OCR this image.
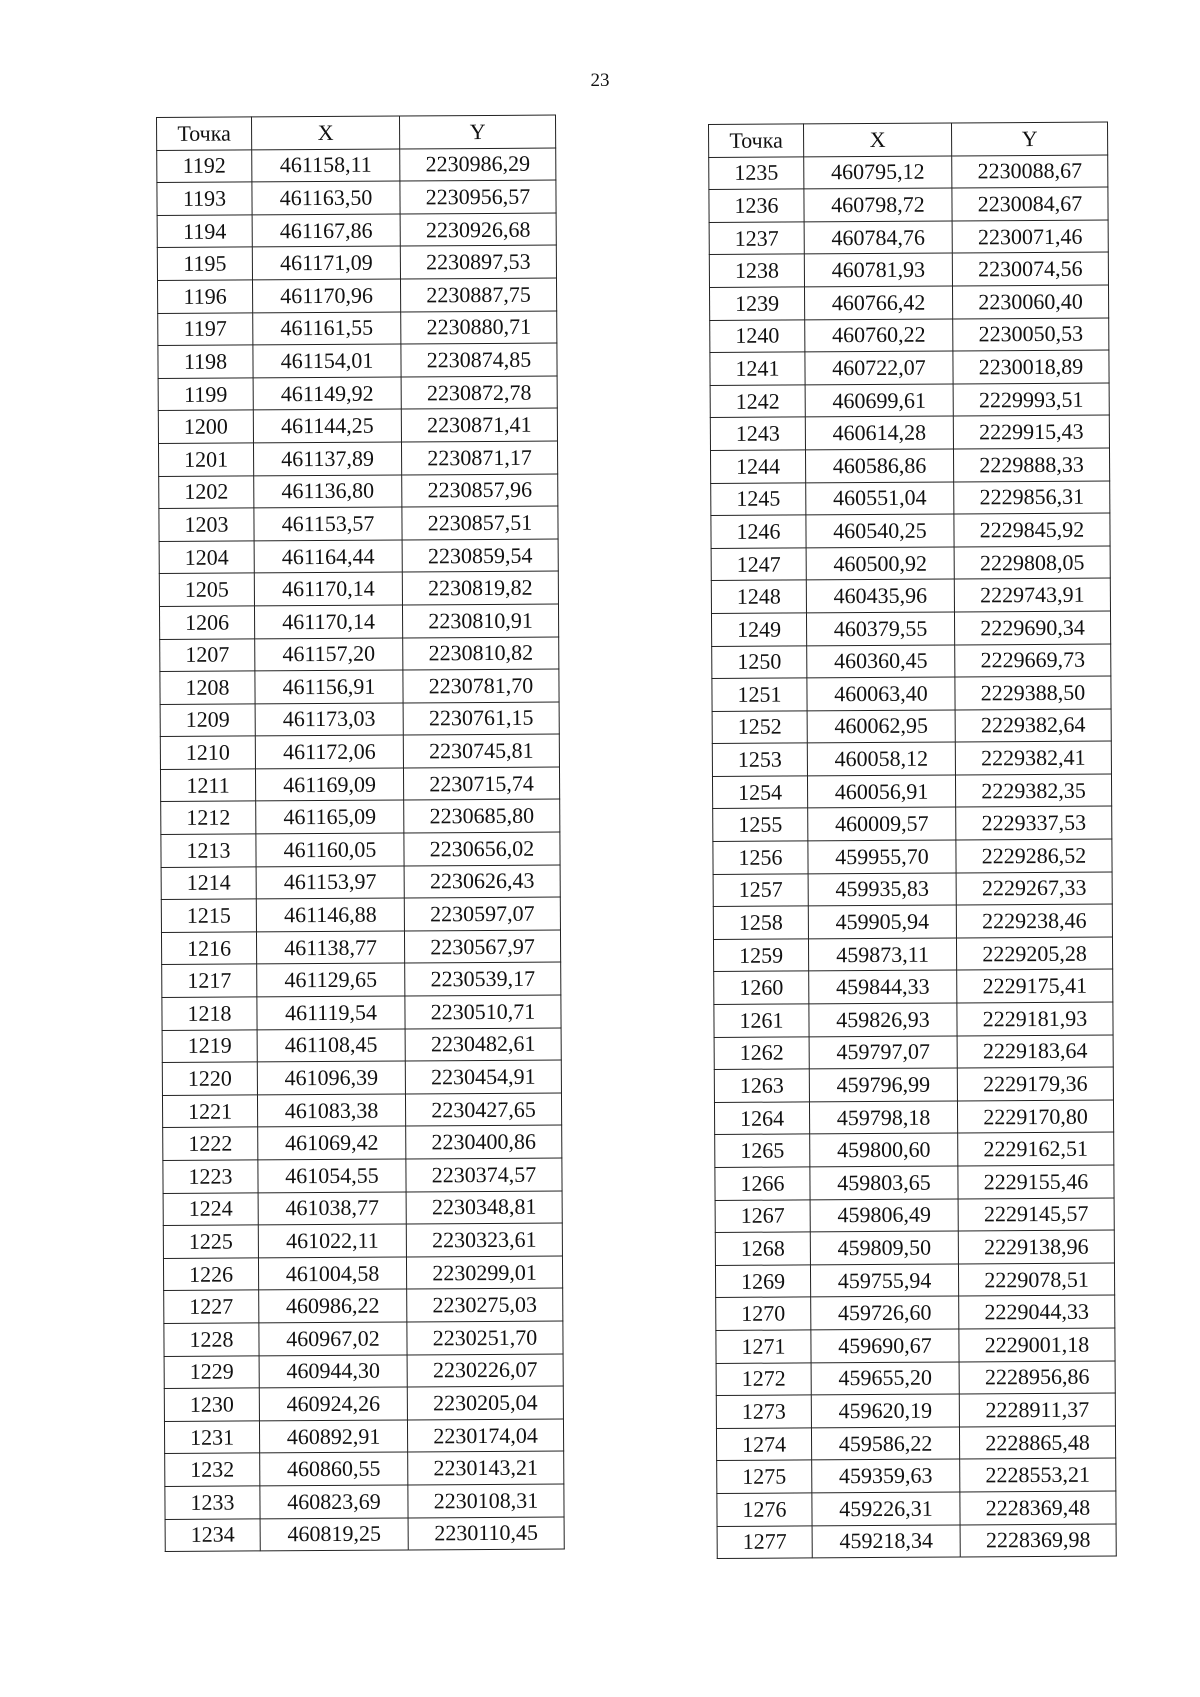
23
Точка	X	Y
1192	461158,11	2230986,29
1193	461163,50	2230956,57
1194	461167,86	2230926,68
1195	461171,09	2230897,53
1196	461170,96	2230887,75
1197	461161,55	2230880,71
1198	461154,01	2230874,85
1199	461149,92	2230872,78
1200	461144,25	2230871,41
1201	461137,89	2230871,17
1202	461136,80	2230857,96
1203	461153,57	2230857,51
1204	461164,44	2230859,54
1205	461170,14	2230819,82
1206	461170,14	2230810,91
1207	461157,20	2230810,82
1208	461156,91	2230781,70
1209	461173,03	2230761,15
1210	461172,06	2230745,81
1211	461169,09	2230715,74
1212	461165,09	2230685,80
1213	461160,05	2230656,02
1214	461153,97	2230626,43
1215	461146,88	2230597,07
1216	461138,77	2230567,97
1217	461129,65	2230539,17
1218	461119,54	2230510,71
1219	461108,45	2230482,61
1220	461096,39	2230454,91
1221	461083,38	2230427,65
1222	461069,42	2230400,86
1223	461054,55	2230374,57
1224	461038,77	2230348,81
1225	461022,11	2230323,61
1226	461004,58	2230299,01
1227	460986,22	2230275,03
1228	460967,02	2230251,70
1229	460944,30	2230226,07
1230	460924,26	2230205,04
1231	460892,91	2230174,04
1232	460860,55	2230143,21
1233	460823,69	2230108,31
1234	460819,25	2230110,45
Точка	X	Y
1235	460795,12	2230088,67
1236	460798,72	2230084,67
1237	460784,76	2230071,46
1238	460781,93	2230074,56
1239	460766,42	2230060,40
1240	460760,22	2230050,53
1241	460722,07	2230018,89
1242	460699,61	2229993,51
1243	460614,28	2229915,43
1244	460586,86	2229888,33
1245	460551,04	2229856,31
1246	460540,25	2229845,92
1247	460500,92	2229808,05
1248	460435,96	2229743,91
1249	460379,55	2229690,34
1250	460360,45	2229669,73
1251	460063,40	2229388,50
1252	460062,95	2229382,64
1253	460058,12	2229382,41
1254	460056,91	2229382,35
1255	460009,57	2229337,53
1256	459955,70	2229286,52
1257	459935,83	2229267,33
1258	459905,94	2229238,46
1259	459873,11	2229205,28
1260	459844,33	2229175,41
1261	459826,93	2229181,93
1262	459797,07	2229183,64
1263	459796,99	2229179,36
1264	459798,18	2229170,80
1265	459800,60	2229162,51
1266	459803,65	2229155,46
1267	459806,49	2229145,57
1268	459809,50	2229138,96
1269	459755,94	2229078,51
1270	459726,60	2229044,33
1271	459690,67	2229001,18
1272	459655,20	2228956,86
1273	459620,19	2228911,37
1274	459586,22	2228865,48
1275	459359,63	2228553,21
1276	459226,31	2228369,48
1277	459218,34	2228369,98
